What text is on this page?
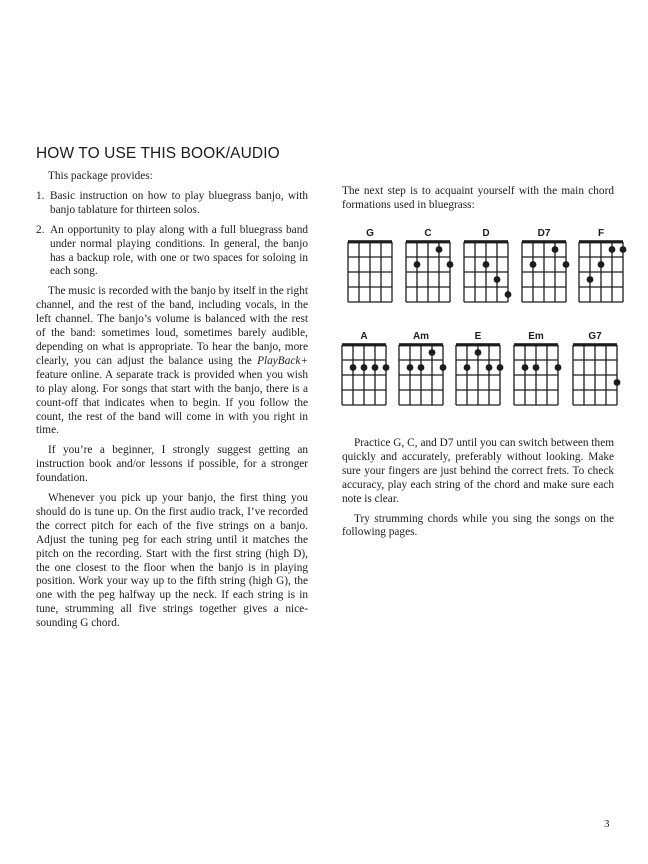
HOW TO USE THIS BOOK/AUDIO

This package provides:

1. Basic instruction on how to play bluegrass banjo, with banjo tablature for thirteen solos.
2. An opportunity to play along with a full bluegrass band under normal playing conditions. In general, the banjo has a backup role, with one or two spaces for soloing in each song.

The music is recorded with the banjo by itself in the right channel, and the rest of the band, including vocals, in the left channel. The banjo’s volume is balanced with the rest of the band: sometimes loud, sometimes barely audible, depending on what is appropriate. To hear the banjo, more clearly, you can adjust the balance using the PlayBack+ feature online. A separate track is provided when you wish to play along. For songs that start with the banjo, there is a count-off that indicates when to begin. If you follow the count, the rest of the band will come in with you right in time.

If you’re a beginner, I strongly suggest getting an instruction book and/or lessons if possible, for a stronger foundation.

Whenever you pick up your banjo, the first thing you should do is tune up. On the first audio track, I’ve recorded the correct pitch for each of the five strings on a banjo. Adjust the tuning peg for each string until it matches the pitch on the recording. Start with the first string (high D), the one closest to the floor when the banjo is in playing position. Work your way up to the fifth string (high G), the one with the peg halfway up the neck. If each string is in tune, strumming all five strings together gives a nice-sounding G chord.

The next step is to acquaint yourself with the main chord formations used in bluegrass:

G	C	D	D7	F
A	Am	E	Em	G7

Practice G, C, and D7 until you can switch between them quickly and accurately, preferably without looking. Make sure your fingers are just behind the correct frets. To check accuracy, play each string of the chord and make sure each note is clear.

Try strumming chords while you sing the songs on the following pages.

3
